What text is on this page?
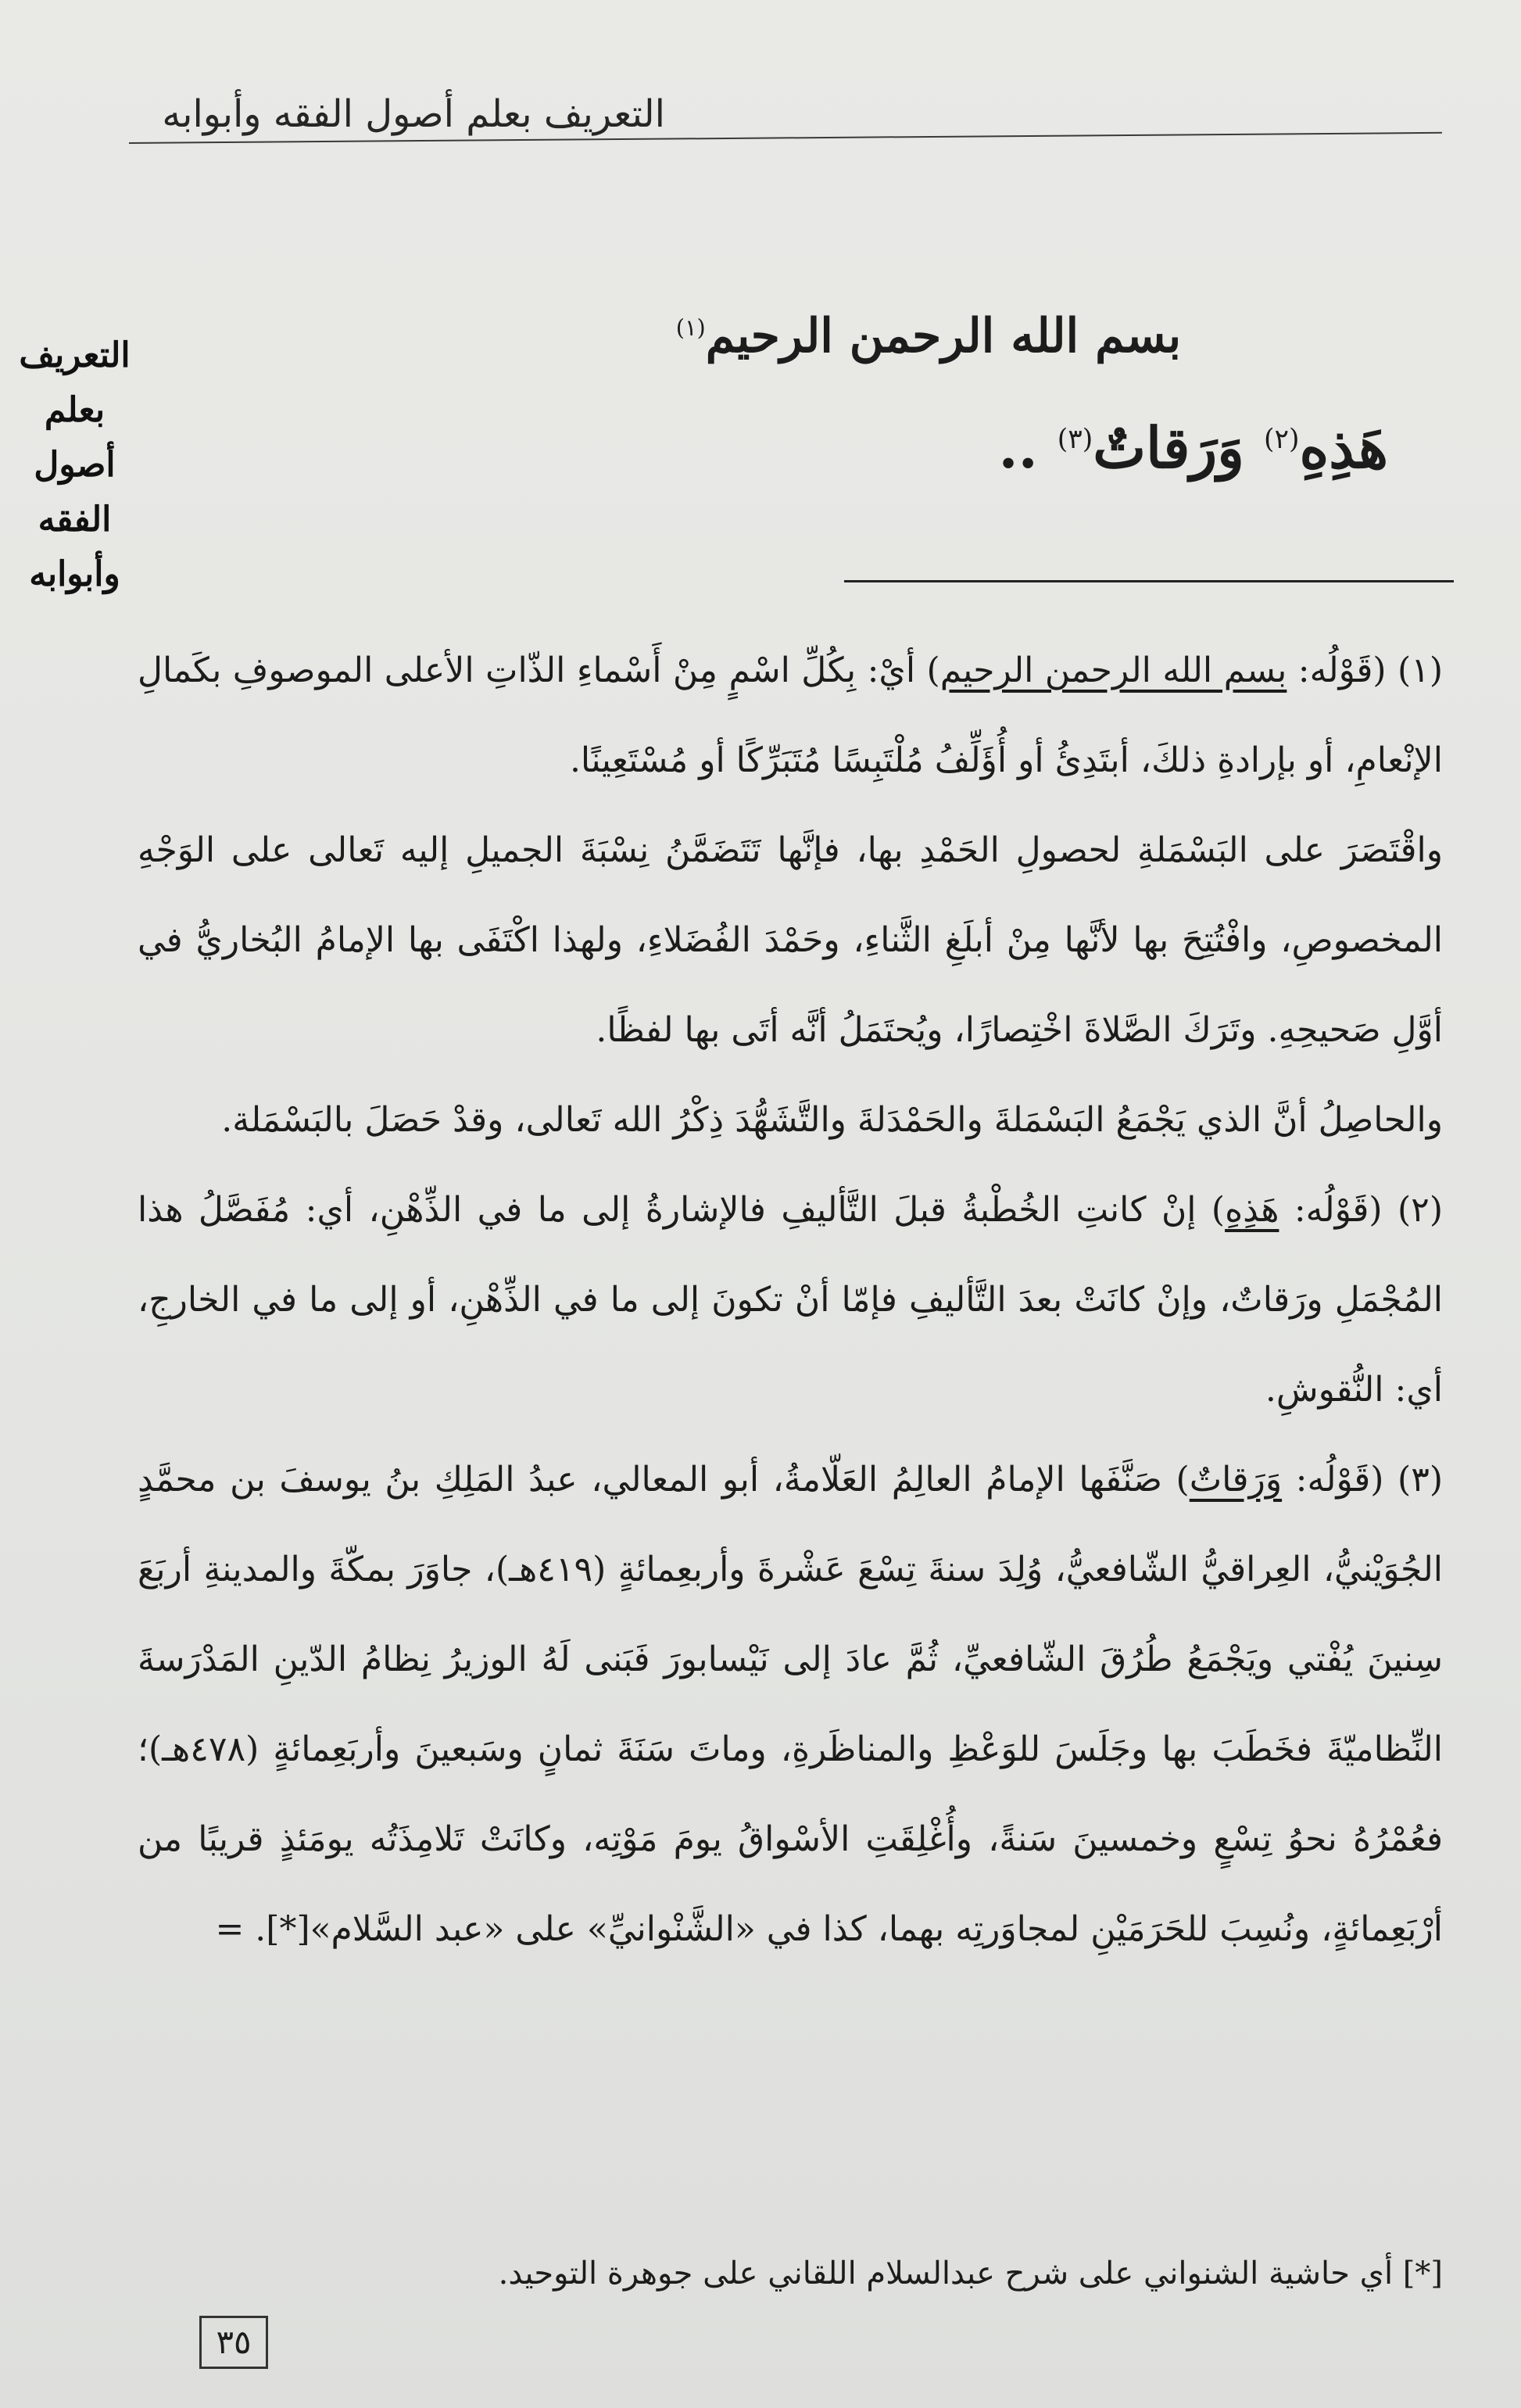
التعريف بعلم أصول الفقه وأبوابه
التعريف
بعلم
أصول
الفقه
وأبوابه
بسم الله الرحمن الرحيم$^{(١)}$
هَذِهِ$^{(٢)}$ وَرَقاتٌ$^{(٣)}$ ..

(١) (قَوْلُه: بسم الله الرحمن الرحيم) أيْ: بِكُلِّ اسْمٍ مِنْ أَسْماءِ الذّاتِ الأعلى الموصوفِ بكَمالِ الإنْعامِ، أو بإرادةِ ذلكَ، أبتَدِئُ أو أُؤَلِّفُ مُلْتَبِسًا مُتَبَرِّكًا أو مُسْتَعِينًا.

واقْتَصَرَ على البَسْمَلةِ لحصولِ الحَمْدِ بها، فإنَّها تَتَضَمَّنُ نِسْبَةَ الجميلِ إليه تَعالى على الوَجْهِ المخصوصِ، وافْتُتِحَ بها لأنَّها مِنْ أبلَغِ الثَّناءِ، وحَمْدَ الفُضَلاءِ، ولهذا اكْتَفَى بها الإمامُ البُخاريُّ في أوَّلِ صَحيحِهِ. وتَرَكَ الصَّلاةَ اخْتِصارًا، ويُحتَمَلُ أنَّه أتَى بها لفظًا.

والحاصِلُ أنَّ الذي يَجْمَعُ البَسْمَلةَ والحَمْدَلةَ والتَّشَهُّدَ ذِكْرُ الله تَعالى، وقدْ حَصَلَ بالبَسْمَلة.

(٢) (قَوْلُه: هَذِهِ) إنْ كانتِ الخُطْبةُ قبلَ التَّأليفِ فالإشارةُ إلى ما في الذِّهْنِ، أي: مُفَصَّلُ هذا المُجْمَلِ ورَقاتٌ، وإنْ كانَتْ بعدَ التَّأليفِ فإمّا أنْ تكونَ إلى ما في الذِّهْنِ، أو إلى ما في الخارجِ، أي: النُّقوشِ.

(٣) (قَوْلُه: وَرَقاتٌ) صَنَّفَها الإمامُ العالِمُ العَلّامةُ، أبو المعالي، عبدُ المَلِكِ بنُ يوسفَ بن محمَّدٍ الجُوَيْنيُّ، العِراقيُّ الشّافعيُّ، وُلِدَ سنةَ تِسْعَ عَشْرةَ وأربعِمائةٍ (٤١٩هـ)، جاوَرَ بمكّةَ والمدينةِ أربَعَ سِنينَ يُفْتي ويَجْمَعُ طُرُقَ الشّافعيِّ، ثُمَّ عادَ إلى نَيْسابورَ فَبَنى لَهُ الوزيرُ نِظامُ الدّينِ المَدْرَسةَ النِّظاميّةَ فخَطَبَ بها وجَلَسَ للوَعْظِ والمناظَرةِ، وماتَ سَنَةَ ثمانٍ وسَبعينَ وأربَعِمائةٍ (٤٧٨هـ)؛ فعُمْرُهُ نحوُ تِسْعٍ وخمسينَ سَنةً، وأُغْلِقَتِ الأسْواقُ يومَ مَوْتِه، وكانَتْ تَلامِذَتُه يومَئذٍ قريبًا من أرْبَعِمائةٍ، ونُسِبَ للحَرَمَيْنِ لمجاوَرتِه بهما، كذا في «الشَّنْوانيِّ» على «عبد السَّلام»[*]. =

[*] أي حاشية الشنواني على شرح عبدالسلام اللقاني على جوهرة التوحيد.
٣٥
